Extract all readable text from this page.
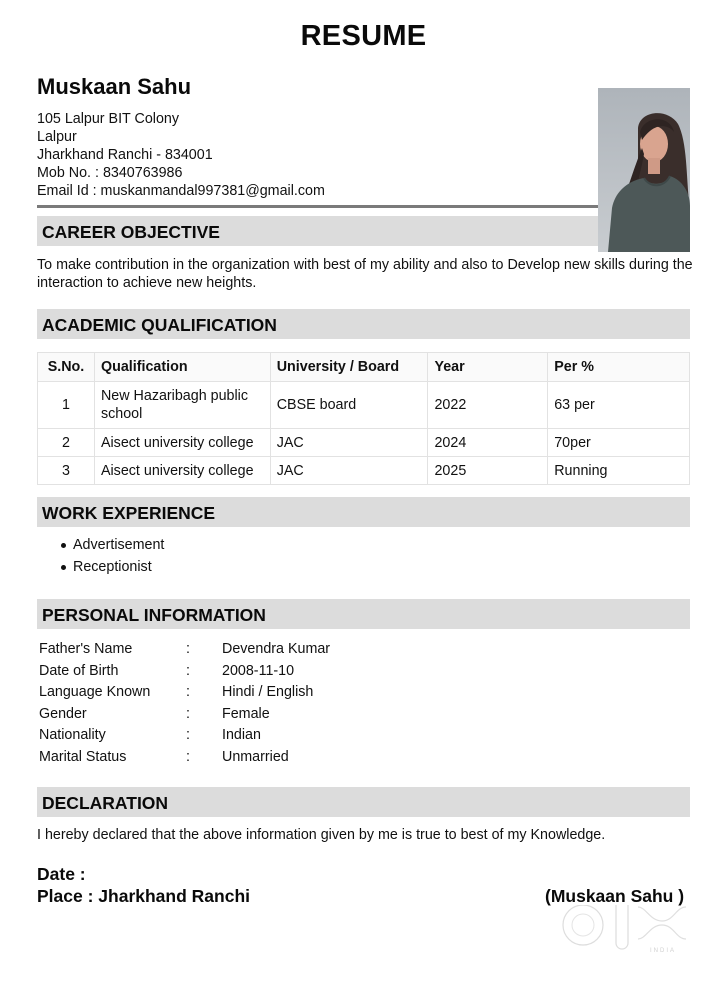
RESUME
Muskaan Sahu
105 Lalpur BIT Colony
Lalpur
Jharkhand Ranchi - 834001
Mob No. : 8340763986
Email Id : muskanmandal997381@gmail.com
CAREER OBJECTIVE
To make contribution in the organization with best of my ability and also to Develop new skills during the interaction to achieve new heights.
ACADEMIC QUALIFICATION
S.No.	Qualification	University / Board	Year	Per %
1	New Hazaribagh public school	CBSE board	2022	63 per
2	Aisect university college	JAC	2024	70per
3	Aisect university college	JAC	2025	Running
WORK EXPERIENCE
Advertisement
Receptionist
PERSONAL INFORMATION
Father's Name	: Devendra Kumar
Date of Birth	: 2008-11-10
Language Known : Hindi / English
Gender	: Female
Nationality	: Indian
Marital Status	: Unmarried
DECLARATION
I hereby declared that the above information given by me is true to best of my Knowledge.
Date :
Place : Jharkhand Ranchi	(Muskaan Sahu )
INDIA
